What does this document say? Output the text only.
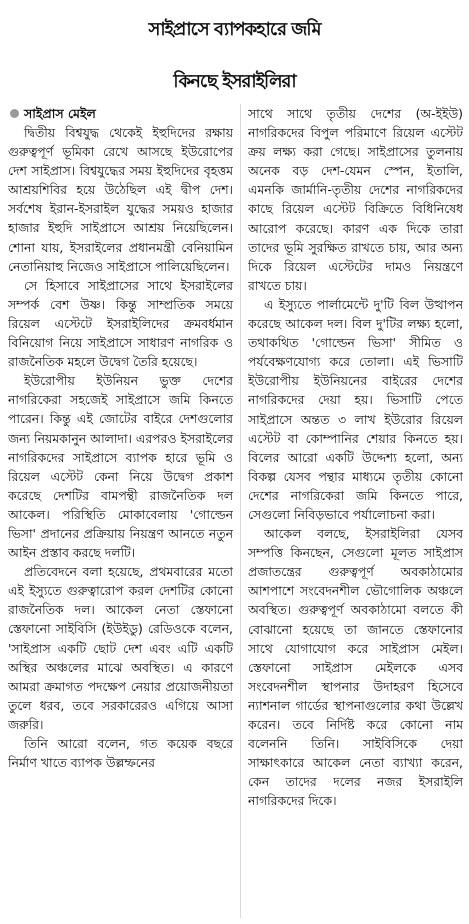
সাইপ্রাসে ব্যাপকহারে জমি
কিনছে ইসরাইলিরা
সাইপ্রাস মেইল

দ্বিতীয় বিশ্বযুদ্ধ থেকেই ইহুদিদের রক্ষায় গুরুত্বপূর্ণ ভূমিকা রেখে আসছে ইউরোপের দেশ সাইপ্রাস। বিশ্বযুদ্ধের সময় ইহুদিদের বৃহত্তম আশ্রয়শিবির হয়ে উঠেছিল এই দ্বীপ দেশ। সর্বশেষ ইরান-ইসরাইল যুদ্ধের সময়ও হাজার হাজার ইহুদি সাইপ্রাসে আশ্রয় নিয়েছিলেন। শোনা যায়, ইসরাইলের প্রধানমন্ত্রী বেনিয়ামিন নেতানিয়াহু নিজেও সাইপ্রাসে পালিয়েছিলেন।

সে হিসাবে সাইপ্রাসের সাথে ইসরাইলের সম্পর্ক বেশ উষ্ণ। কিন্তু সাম্প্রতিক সময়ে রিয়েল এস্টেটে ইসরাইলিদের ক্রমবর্ধমান বিনিয়োগ নিয়ে সাইপ্রাসে সাধারণ নাগরিক ও রাজনৈতিক মহলে উদ্বেগ তৈরি হয়েছে।

ইউরোপীয় ইউনিয়ন ভুক্ত দেশের নাগরিকেরা সহজেই সাইপ্রাসে জমি কিনতে পারেন। কিন্তু এই জোটের বাইরে দেশগুলোর জন্য নিয়মকানুন আলাদা। এরপরও ইসরাইলের নাগরিকদের সাইপ্রাসে ব্যাপক হারে ভূমি ও রিয়েল এস্টেট কেনা নিয়ে উদ্বেগ প্রকাশ করেছে দেশটির বামপন্থী রাজনৈতিক দল আকেল। পরিস্থিতি মোকাবেলায় 'গোল্ডেন ভিসা' প্রদানের প্রক্রিয়ায় নিয়ন্ত্রণ আনতে নতুন আইন প্রস্তাব করছে দলটি।

প্রতিবেদনে বলা হয়েছে, প্রথমবারের মতো এই ইস্যুতে গুরুত্বারোপ করল দেশটির কোনো রাজনৈতিক দল। আকেল নেতা স্তেফানো স্তেফানো সাইবিসি (ইউইডু) রেডিওকে বলেন, 'সাইপ্রাস একটি ছোট দেশ এবং এটি একটি অস্থির অঞ্চলের মাঝে অবস্থিত। এ কারণে আমরা ক্রমাগত পদক্ষেপ নেয়ার প্রয়োজনীয়তা তুলে ধরব, তবে সরকারেরও এগিয়ে আসা জরুরি।

তিনি আরো বলেন, গত কয়েক বছরে নির্মাণ খাতে ব্যাপক উল্লম্ফনের

সাথে সাথে তৃতীয় দেশের (অ-ইইউ) নাগরিকদের বিপুল পরিমাণে রিয়েল এস্টেট ক্রয় লক্ষ্য করা গেছে। সাইপ্রাসের তুলনায় অনেক বড় দেশ-যেমন স্পেন, ইতালি, এমনকি জার্মানি-তৃতীয় দেশের নাগরিকদের কাছে রিয়েল এস্টেট বিক্রিতে বিধিনিষেধ আরোপ করেছে। কারণ এক দিকে তারা তাদের ভূমি সুরক্ষিত রাখতে চায়, আর অন্য দিকে রিয়েল এস্টেটের দামও নিয়ন্ত্রণে রাখতে চায়।

এ ইস্যুতে পার্লামেন্টে দু'টি বিল উত্থাপন করেছে আকেল দল। বিল দু'টির লক্ষ্য হলো, তথাকথিত 'গোল্ডেন ভিসা' সীমিত ও পর্যবেক্ষণযোগ্য করে তোলা। এই ভিসাটি ইউরোপীয় ইউনিয়নের বাইরের দেশের নাগরিকদের দেয়া হয়। ভিসাটি পেতে সাইপ্রাসে অন্তত ৩ লাখ ইউরোর রিয়েল এস্টেট বা কোম্পানির শেয়ার কিনতে হয়। বিলের আরো একটি উদ্দেশ্য হলো, অন্য বিকল্প যেসব পন্থার মাধ্যমে তৃতীয় কোনো দেশের নাগরিকেরা জমি কিনতে পারে, সেগুলো নিবিড়ভাবে পর্যালোচনা করা।

আকেল বলছে, ইসরাইলিরা যেসব সম্পত্তি কিনছেন, সেগুলো মূলত সাইপ্রাস প্রজাতন্ত্রের গুরুত্বপূর্ণ অবকাঠামোর আশপাশে সংবেদনশীল ভৌগোলিক অঞ্চলে অবস্থিত। গুরুত্বপূর্ণ অবকাঠামো বলতে কী বোঝানো হয়েছে তা জানতে স্তেফানোর সাথে যোগাযোগ করে সাইপ্রাস মেইল। স্তেফানো সাইপ্রাস মেইলকে এসব সংবেদনশীল স্থাপনার উদাহরণ হিসেবে ন্যাশনাল গার্ডের স্থাপনাগুলোর কথা উল্লেখ করেন। তবে নির্দিষ্ট করে কোনো নাম বলেননি তিনি। সাইবিসিকে দেয়া সাক্ষাৎকারে আকেল নেতা ব্যাখ্যা করেন, কেন তাদের দলের নজর ইসরাইলি নাগরিকদের দিকে।
